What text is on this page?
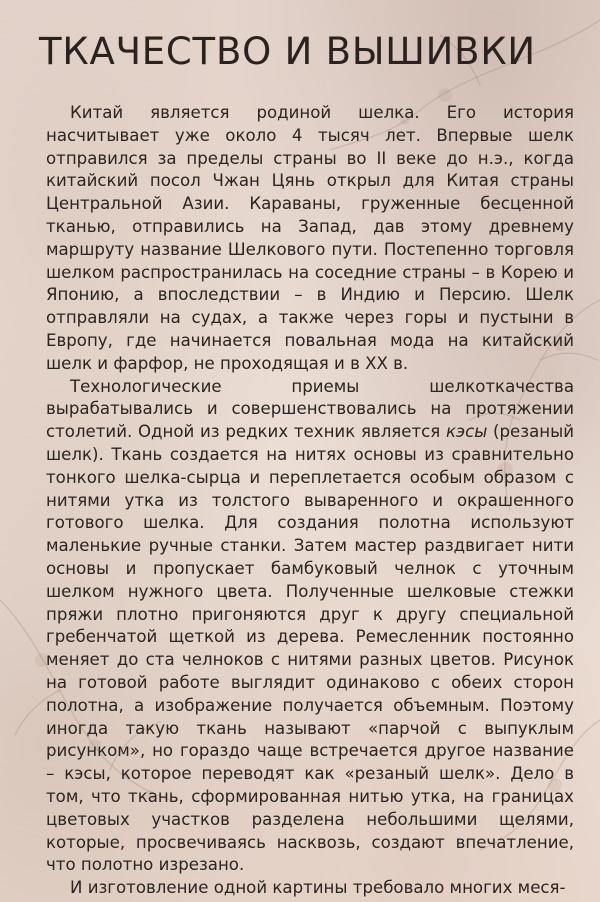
ТКАЧЕСТВО И ВЫШИВКИ

Китай является родиной шелка. Его история насчитывает уже около 4 тысяч лет. Впервые шелк отправился за пределы страны во II веке до н.э., когда китайский посол Чжан Цянь открыл для Китая страны Центральной Азии. Караваны, груженные бесценной тканью, отправились на Запад, дав этому древнему маршруту название Шелкового пути. Постепенно торговля шелком распространилась на соседние страны – в Корею и Японию, а впоследствии – в Индию и Персию. Шелк отправляли на судах, а также через горы и пустыни в Европу, где начинается повальная мода на китайский шелк и фарфор, не проходящая и в XX в.

Технологические приемы шелкоткачества вырабатывались и совершенствовались на протяжении столетий. Одной из редких техник является кэсы (резаный шелк). Ткань создается на нитях основы из сравнительно тонкого шелка-сырца и переплетается особым образом с нитями утка из толстого вываренного и окрашенного готового шелка. Для создания полотна используют маленькие ручные станки. Затем мастер раздвигает нити основы и пропускает бамбуковый челнок с уточным шелком нужного цвета. Полученные шелковые стежки пряжи плотно пригоняются друг к другу специальной гребенчатой щеткой из дерева. Ремесленник постоянно меняет до ста челноков с нитями разных цветов. Рисунок на готовой работе выглядит одинаково с обеих сторон полотна, а изображение получается объемным. Поэтому иногда такую ткань называют «парчой с выпуклым рисунком», но гораздо чаще встречается другое название – кэсы, которое переводят как «резаный шелк». Дело в том, что ткань, сформированная нитью утка, на границах цветовых участков разделена небольшими щелями, которые, просвечиваясь насквозь, создают впечатление, что полотно изрезано.

И изготовление одной картины требовало многих меся-
